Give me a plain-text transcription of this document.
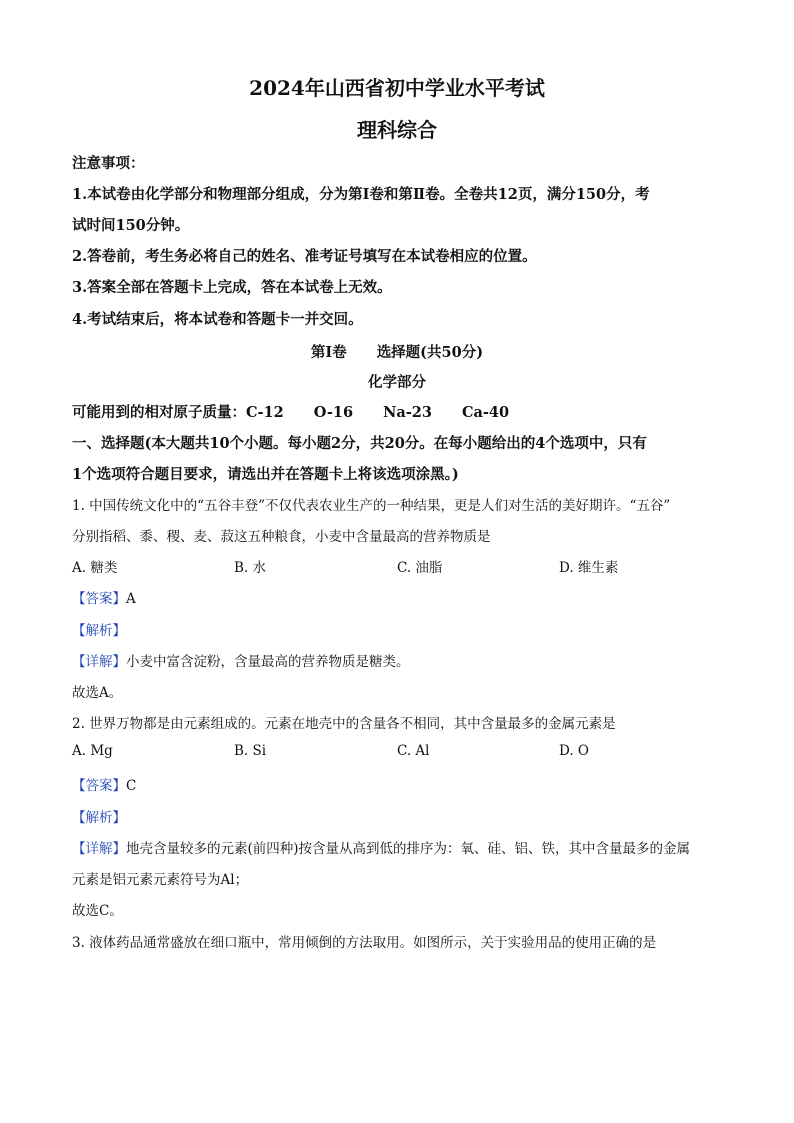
2024年山西省初中学业水平考试
理科综合
注意事项：
1.本试卷由化学部分和物理部分组成，分为第Ⅰ卷和第Ⅱ卷。全卷共12页，满分150分，考
试时间150分钟。
2.答卷前，考生务必将自己的姓名、准考证号填写在本试卷相应的位置。
3.答案全部在答题卡上完成，答在本试卷上无效。
4.考试结束后，将本试卷和答题卡一并交回。
第Ⅰ卷 选择题(共50分)
化学部分
可能用到的相对原子质量：C-12 O-16 Na-23 Ca-40
一、选择题(本大题共10个小题。每小题2分，共20分。在每小题给出的4个选项中，只有
1个选项符合题目要求，请选出并在答题卡上将该选项涂黑。)
1. 中国传统文化中的“五谷丰登”不仅代表农业生产的一种结果，更是人们对生活的美好期许。“五谷”
分别指稻、黍、稷、麦、菽这五种粮食，小麦中含量最高的营养物质是
A. 糖类	B. 水	C. 油脂	D. 维生素
【答案】A
【解析】
【详解】小麦中富含淀粉，含量最高的营养物质是糖类。
故选A。
2. 世界万物都是由元素组成的。元素在地壳中的含量各不相同，其中含量最多的金属元素是
A. Mg	B. Si	C. Al	D. O
【答案】C
【解析】
【详解】地壳含量较多的元素(前四种)按含量从高到低的排序为：氧、硅、铝、铁，其中含量最多的金属
元素是铝元素元素符号为Al；
故选C。
3. 液体药品通常盛放在细口瓶中，常用倾倒的方法取用。如图所示，关于实验用品的使用正确的是
